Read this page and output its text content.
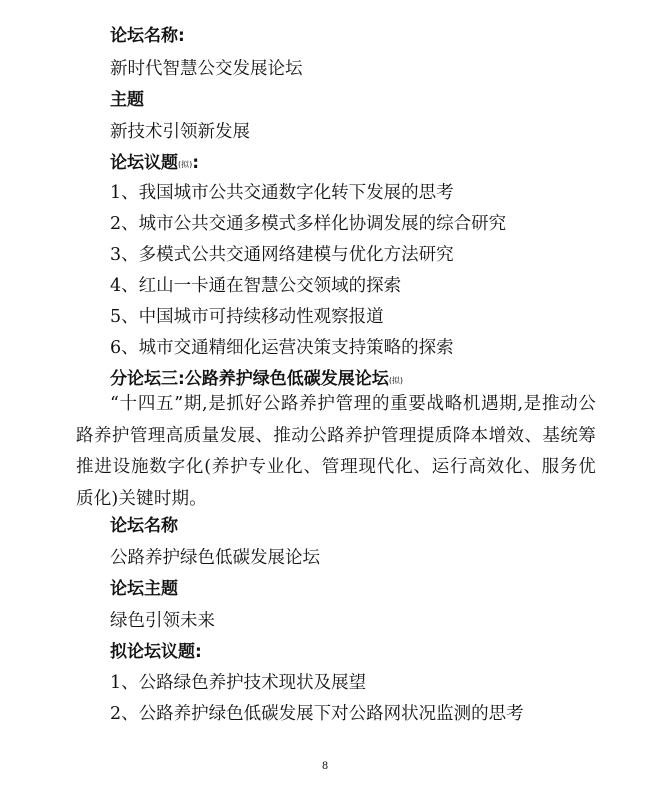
论坛名称:
新时代智慧公交发展论坛
主题
新技术引领新发展
论坛议题(拟):
1、我国城市公共交通数字化转下发展的思考
2、城市公共交通多模式多样化协调发展的综合研究
3、多模式公共交通网络建模与优化方法研究
4、红山一卡通在智慧公交领域的探索
5、中国城市可持续移动性观察报道
6、城市交通精细化运营决策支持策略的探索
分论坛三:公路养护绿色低碳发展论坛(拟)
“十四五”期,是抓好公路养护管理的重要战略机遇期,是推动公路养护管理高质量发展、推动公路养护管理提质降本增效、基统筹推进设施数字化(养护专业化、管理现代化、运行高效化、服务优质化)关键时期。
论坛名称
公路养护绿色低碳发展论坛
论坛主题
绿色引领未来
拟论坛议题:
1、公路绿色养护技术现状及展望
2、公路养护绿色低碳发展下对公路网状况监测的思考
8
